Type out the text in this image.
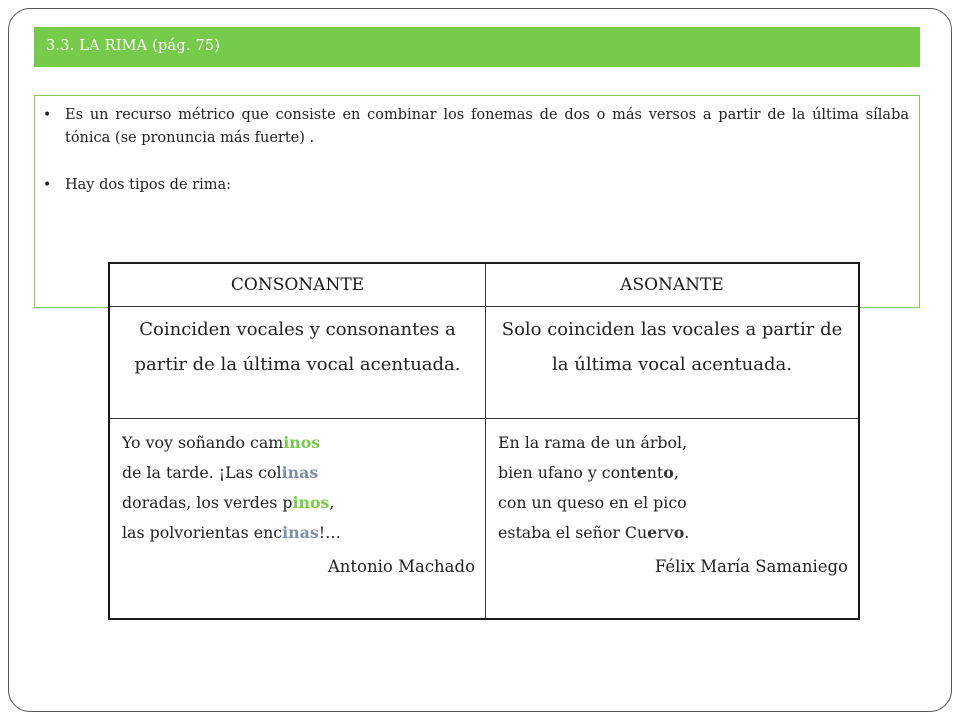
3.3. LA RIMA (pág. 75)
• Es un recurso métrico que consiste en combinar los fonemas de dos o más versos a partir de la última sílaba tónica (se pronuncia más fuerte) .
• Hay dos tipos de rima:
CONSONANTE	ASONANTE
Coinciden vocales y consonantes a partir de la última vocal acentuada.
Solo coinciden las vocales a partir de la última vocal acentuada.
Yo voy soñando caminos
de la tarde. ¡Las colinas
doradas, los verdes pinos,
las polvorientas encinas!…
Antonio Machado
En la rama de un árbol,
bien ufano y contento,
con un queso en el pico
estaba el señor Cuervo.
Félix María Samaniego
